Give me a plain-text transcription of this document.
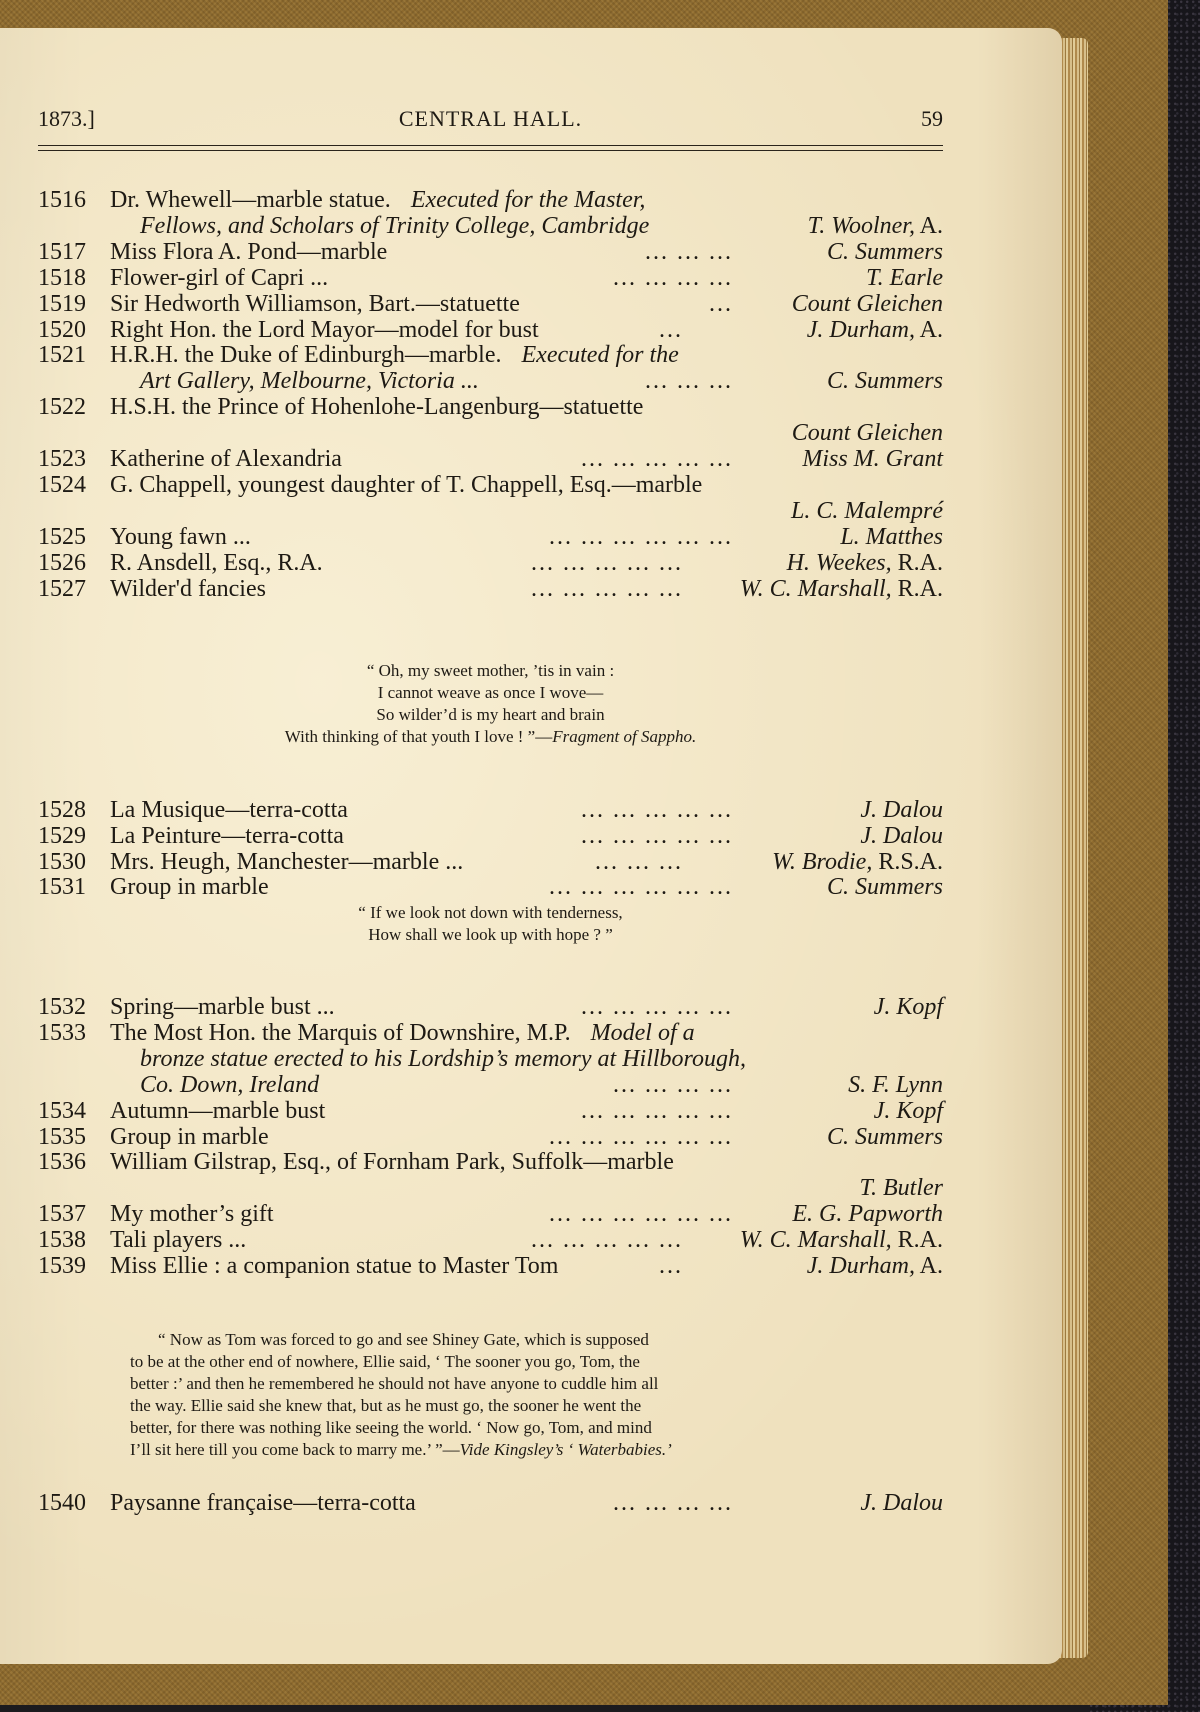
1873.]	CENTRAL HALL.	59
1516 Dr. Whewell—marble statue. Executed for the Master,
Fellows, and Scholars of Trinity College, Cambridge	T. Woolner, A.
1517 Miss Flora A. Pond—marble	... ... ...	C. Summers
1518 Flower-girl of Capri ...	... ... ... ...	T. Earle
1519 Sir Hedworth Williamson, Bart.—statuette	... Count Gleichen
1520 Right Hon. the Lord Mayor—model for bust	...	J. Durham, A.
1521 H.R.H. the Duke of Edinburgh—marble. Executed for the
Art Gallery, Melbourne, Victoria ...	... ... ...	C. Summers
1522 H.S.H. the Prince of Hohenlohe-Langenburg—statuette
Count Gleichen
1523 Katherine of Alexandria	... ... ... ... ...	Miss M. Grant
1524 G. Chappell, youngest daughter of T. Chappell, Esq.—marble
L. C. Malempré
1525 Young fawn ...	... ... ... ... ... ...	L. Matthes
1526 R. Ansdell, Esq., R.A.	... ... ... ... ...	H. Weekes, R.A.
1527 Wilder'd fancies	... ... ... ... ... W. C. Marshall, R.A.
“ Oh, my sweet mother, ’tis in vain :
I cannot weave as once I wove—
So wilder’d is my heart and brain
With thinking of that youth I love ! ”—Fragment of Sappho.
1528 La Musique—terra-cotta	... ... ... ... ...	J. Dalou
1529 La Peinture—terra-cotta	... ... ... ... ...	J. Dalou
1530 Mrs. Heugh, Manchester—marble ...	... ... ...	W. Brodie, R.S.A.
1531 Group in marble	... ... ... ... ... ...	C. Summers
“ If we look not down with tenderness,
How shall we look up with hope ? ”
1532 Spring—marble bust ...	... ... ... ... ...	J. Kopf
1533 The Most Hon. the Marquis of Downshire, M.P. Model of a
bronze statue erected to his Lordship’s memory at Hillborough,
Co. Down, Ireland	... ... ... ...	S. F. Lynn
1534 Autumn—marble bust	... ... ... ... ...	J. Kopf
1535 Group in marble	... ... ... ... ... ...	C. Summers
1536 William Gilstrap, Esq., of Fornham Park, Suffolk—marble
T. Butler
1537 My mother’s gift	... ... ... ... ... ... E. G. Papworth
1538 Tali players ...	... ... ... ... ... W. C. Marshall, R.A.
1539 Miss Ellie : a companion statue to Master Tom	...	J. Durham, A.
“ Now as Tom was forced to go and see Shiney Gate, which is supposed
to be at the other end of nowhere, Ellie said, ‘ The sooner you go, Tom, the
better :’ and then he remembered he should not have anyone to cuddle him all
the way. Ellie said she knew that, but as he must go, the sooner he went the
better, for there was nothing like seeing the world. ‘ Now go, Tom, and mind
I’ll sit here till you come back to marry me.’ ”—Vide Kingsley’s ‘ Waterbabies.’
1540 Paysanne française—terra-cotta	... ... ... ...	J. Dalou
